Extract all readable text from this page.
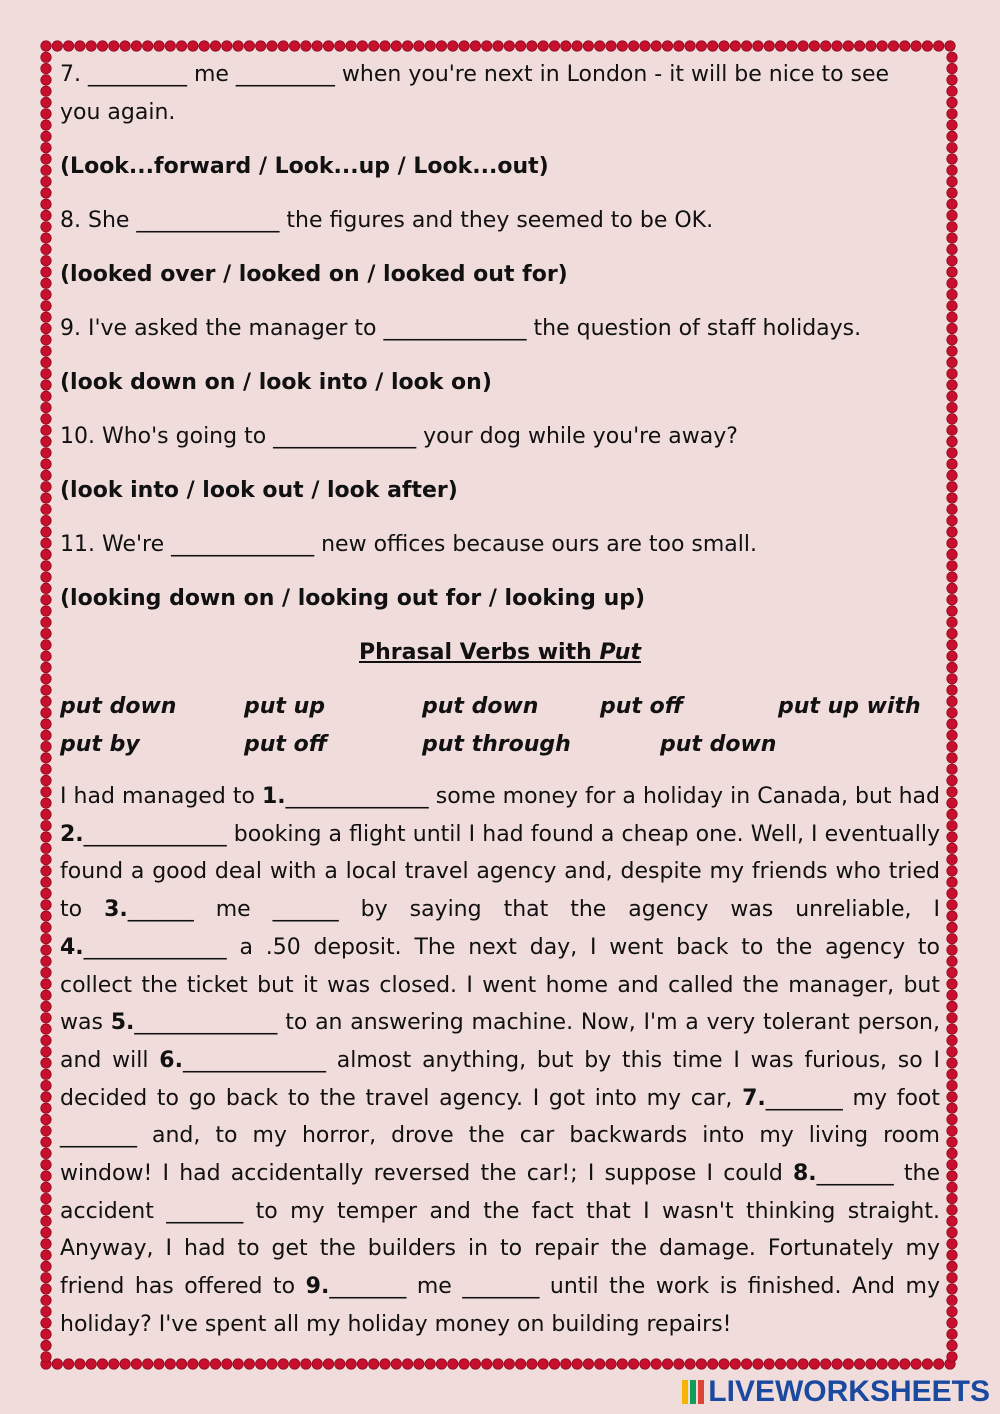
7. _________ me _________ when you're next in London - it will be nice to see
you again.
(Look...forward / Look...up / Look...out)
8. She _____________ the figures and they seemed to be OK.
(looked over / looked on / looked out for)
9. I've asked the manager to _____________ the question of staff holidays.
(look down on / look into / look on)
10. Who's going to _____________ your dog while you're away?
(look into / look out / look after)
11. We're _____________ new offices because ours are too small.
(looking down on / looking out for / looking up)
Phrasal Verbs with Put
put down	put up	put down	put off	put up with
put by	put off	put through	put down
I had managed to 1._____________ some money for a holiday in Canada, but had 2._____________ booking a flight until I had found a cheap one. Well, I eventually found a good deal with a local travel agency and, despite my friends who tried to 3.______ me ______ by saying that the agency was unreliable, I 4._____________ a .50 deposit. The next day, I went back to the agency to collect the ticket but it was closed. I went home and called the manager, but was 5._____________ to an answering machine. Now, I'm a very tolerant person, and will 6._____________ almost anything, but by this time I was furious, so I decided to go back to the travel agency. I got into my car, 7._______ my foot _______ and, to my horror, drove the car backwards into my living room window! I had accidentally reversed the car!; I suppose I could 8._______ the accident _______ to my temper and the fact that I wasn't thinking straight. Anyway, I had to get the builders in to repair the damage. Fortunately my friend has offered to 9._______ me _______ until the work is finished. And my holiday? I've spent all my holiday money on building repairs!
LIVEWORKSHEETS
